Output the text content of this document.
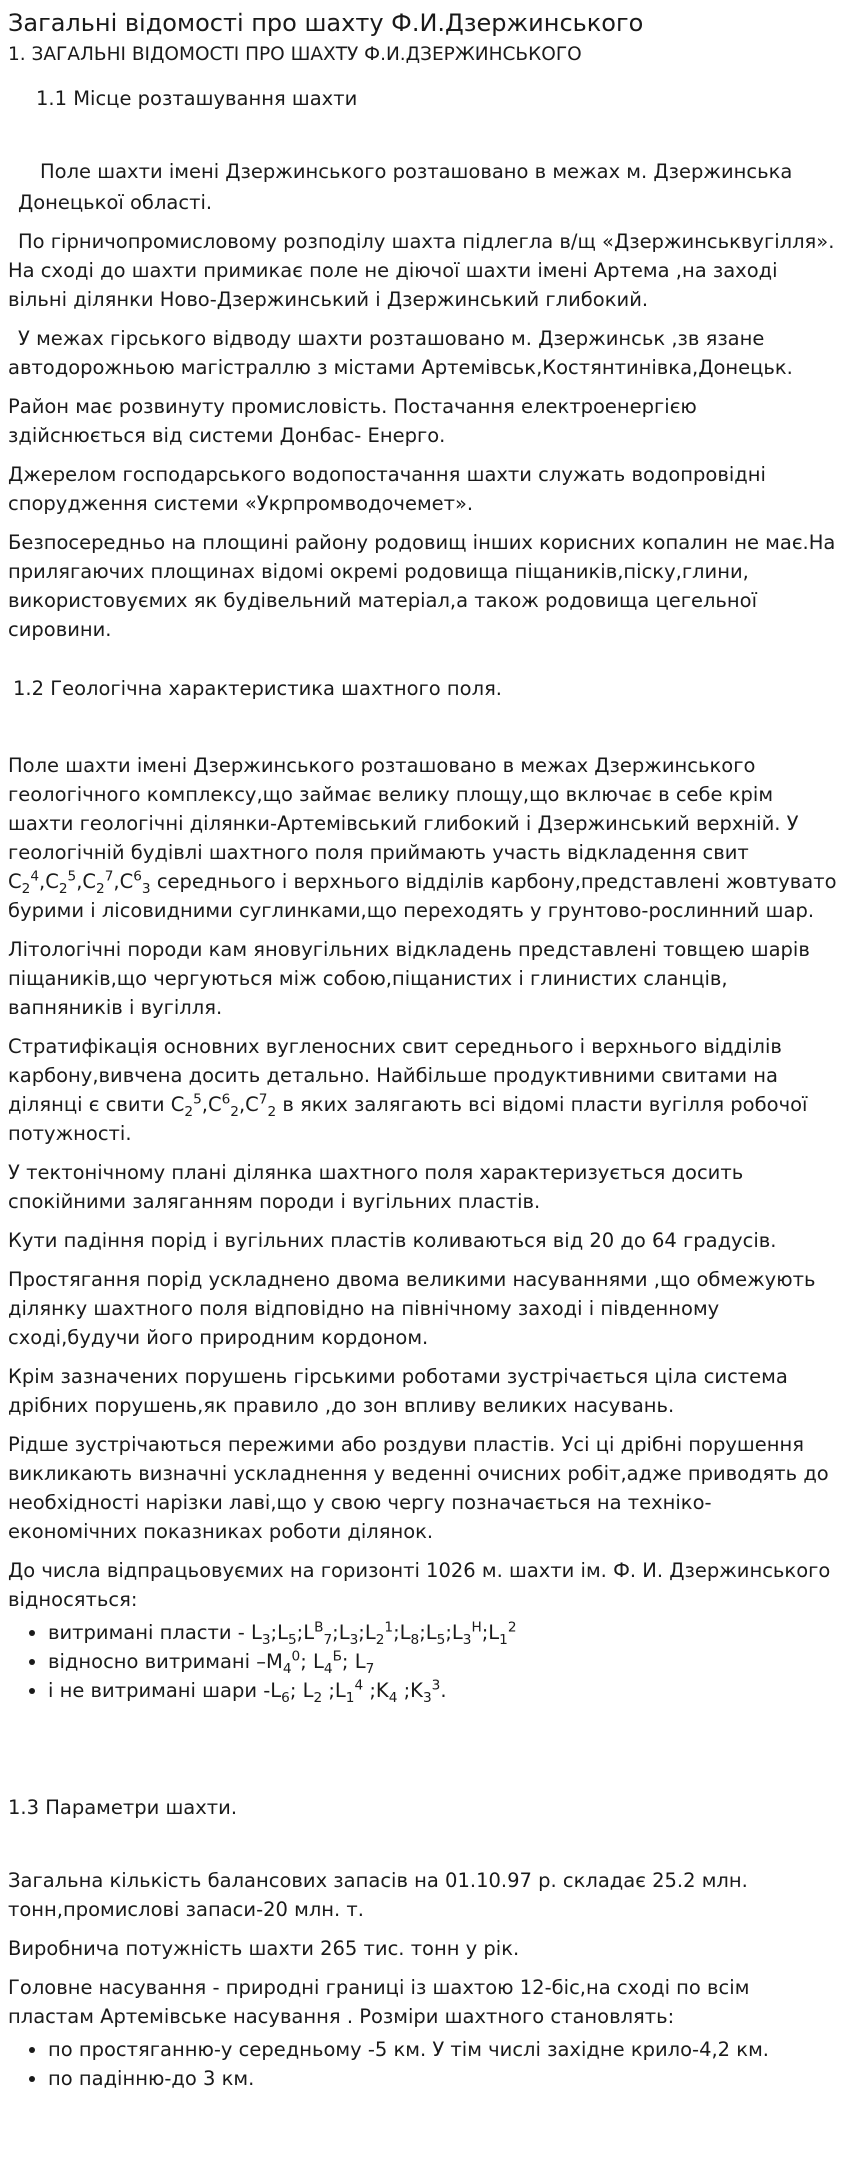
Загальні відомості про шахту Ф.И.Дзержинського

1. ЗАГАЛЬНІ ВІДОМОСТІ ПРО ШАХТУ Ф.И.ДЗЕРЖИНСЬКОГО

1.1 Місце розташування шахти

Поле шахти імені Дзержинського розташовано в межах м. Дзержинська

Донецької області.

По гірничопромисловому розподілу шахта підлегла в/щ «Дзержинськвугілля». На сході до шахти примикає поле не діючої шахти імені Артема ,на заході вільні ділянки Ново-Дзержинський і Дзержинський глибокий.

У межах гірського відводу шахти розташовано м. Дзержинськ ,зв язане автодорожньою магістраллю з містами Артемівськ,Костянтинівка,Донецьк.

Район має розвинуту промисловість. Постачання електроенергією здійснюється від системи Донбас- Енерго.

Джерелом господарського водопостачання шахти служать водопровідні спорудження системи «Укрпромводочемет».

Безпосередньо на площині району родовищ інших корисних копалин не має.На прилягаючих площинах відомі окремі родовища піщаників,піску,глини, використовуємих як будівельний матеріал,а також родовища цегельної сировини.

1.2 Геологічна характеристика шахтного поля.

Поле шахти імені Дзержинського розташовано в межах Дзержинського геологічного комплексу,що займає велику площу,що включає в себе крім шахти геологічні ділянки-Артемівський глибокий і Дзержинський верхній. У геологічній будівлі шахтного поля приймають участь відкладення свит $C_2^4,C_2^5,C_2^7,C^6_3$ середнього і верхнього відділів карбону,представлені жовтувато бурими і лісовидними суглинками,що переходять у грунтово-рослинний шар.

Літологічні породи кам яновугільних відкладень представлені товщею шарів піщаників,що чергуються між собою,піщанистих і глинистих сланців, вапняників і вугілля.

Стратифікація основних вугленосних свит середнього і верхнього відділів карбону,вивчена досить детально. Найбільше продуктивними свитами на ділянці є свити $C_2^5,C^6_2,C^7_2$ в яких залягають всі відомі пласти вугілля робочої потужності.

У тектонічному плані ділянка шахтного поля характеризується досить спокійними заляганням породи і вугільних пластів.

Кути падіння порід і вугільних пластів коливаються від 20 до 64 градусів.

Простягання порід ускладнено двома великими насуваннями ,що обмежують ділянку шахтного поля відповідно на північному заході і південному сході,будучи його природним кордоном.

Крім зазначених порушень гірськими роботами зустрічається ціла система дрібних порушень,як правило ,до зон впливу великих насувань.

Рідше зустрічаються пережими або роздуви пластів. Усі ці дрібні порушення викликають визначні ускладнення у веденні очисних робіт,адже приводять до необхідності нарізки лаві,що у свою чергу позначається на техніко-економічних показниках роботи ділянок.

До числа відпрацьовуємих на горизонті 1026 м. шахти ім. Ф. И. Дзержинського відносяться:

• витримані пласти - $L_3;L_5;L^B_7;L_3;L_2^1;L_8;L_5;L_3^H;L_1^2$
• відносно витримані $-M_4^0$; $L_4^Б$; $L_7$
• і не витримані шари $-L_6$; $L_2$ $;L_1^4$ $;K_4$ $;K_3^3$.

1.3 Параметри шахти.

Загальна кількість балансових запасів на 01.10.97 р. складає 25.2 млн. тонн,промислові запаси-20 млн. т.

Виробнича потужність шахти 265 тис. тонн у рік.

Головне насування - природні границі із шахтою 12-біс,на сході по всім пластам Артемівське насування . Розміри шахтного становлять:

• по простяганню-у середньому -5 км. У тім числі західне крило-4,2 км.
• по падінню-до 3 км.
